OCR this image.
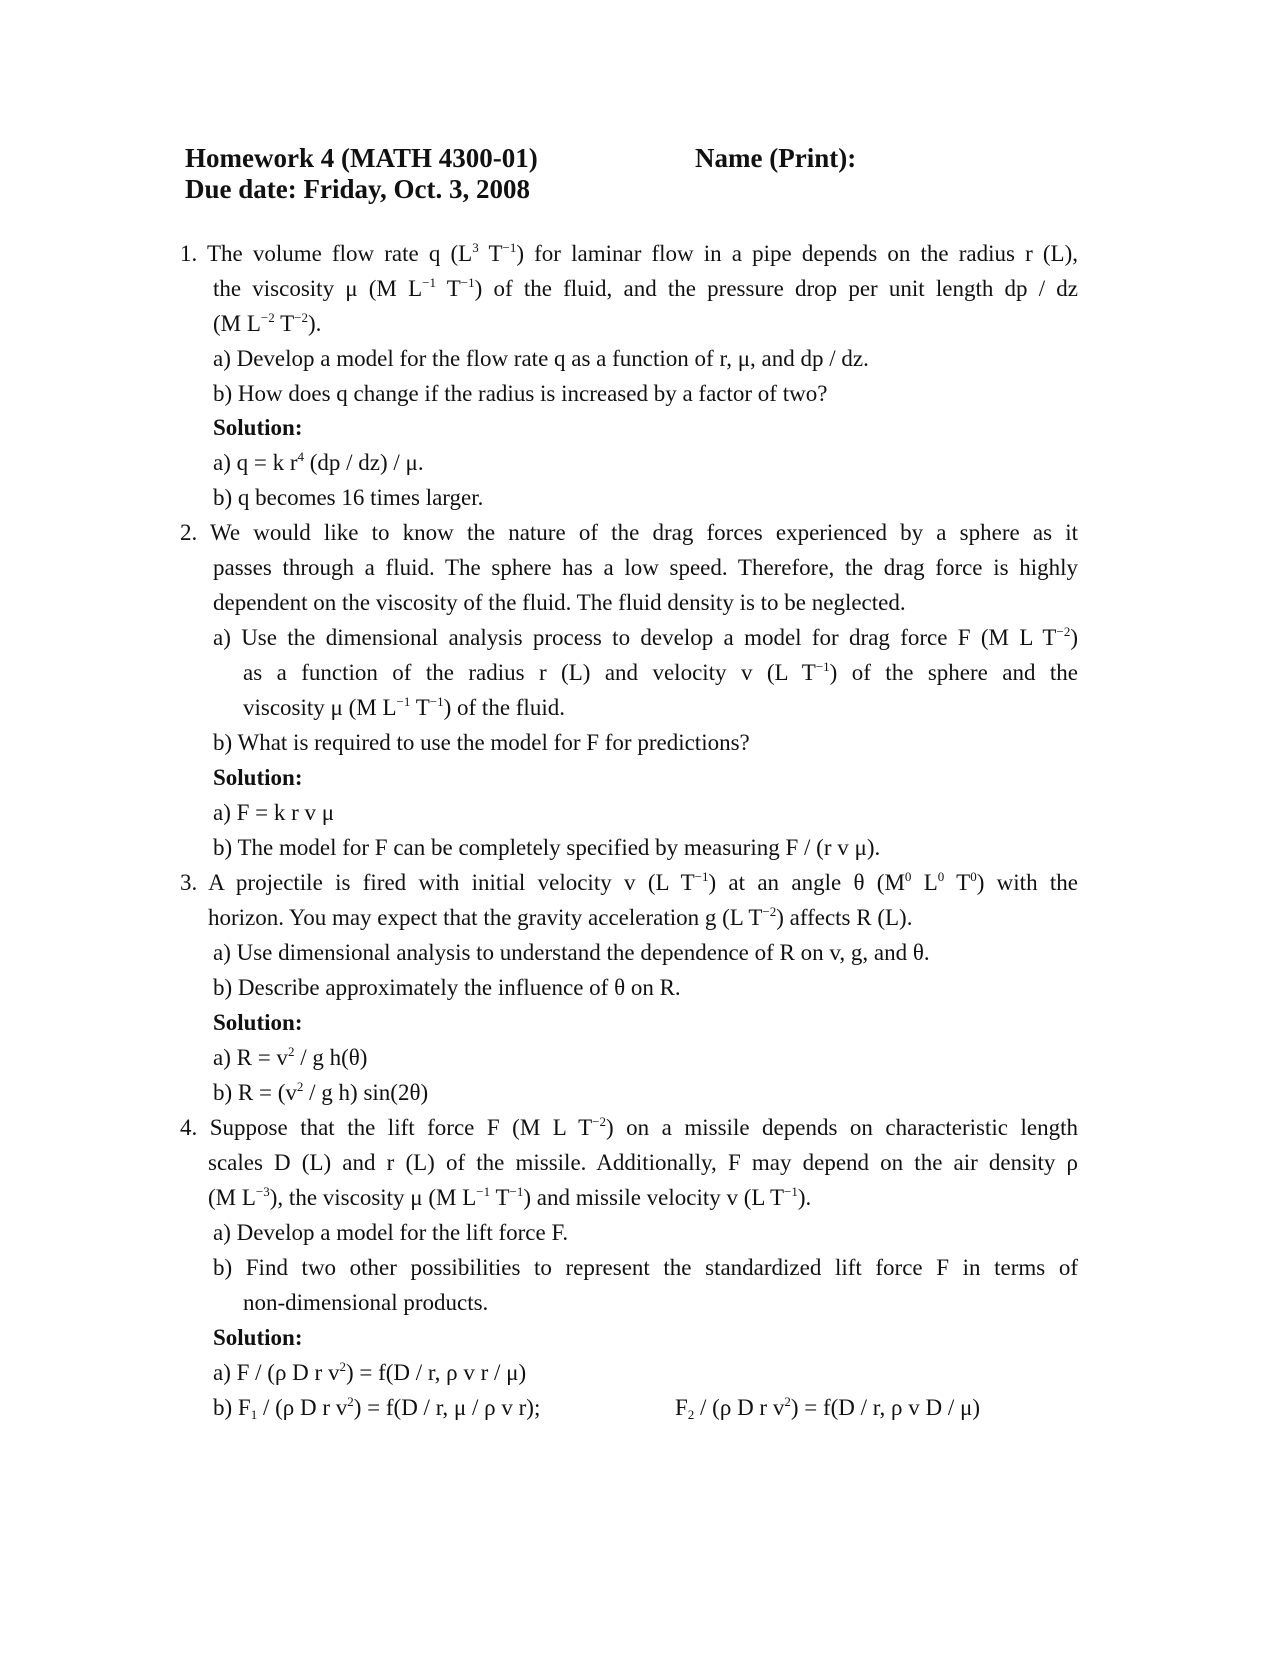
Homework 4 (MATH 4300-01)
Due date: Friday, Oct. 3, 2008
Name (Print):
1. The volume flow rate q ($L^3$ $T^{-1}$) for laminar flow in a pipe depends on the radius r (L),
the viscosity μ (M $L^{-1}$ $T^{-1}$) of the fluid, and the pressure drop per unit length dp / dz
(M $L^{-2}$ $T^{-2}$).
a) Develop a model for the flow rate q as a function of r, μ, and dp / dz.
b) How does q change if the radius is increased by a factor of two?
Solution:
a) q = k $r^4$ (dp / dz) / μ.
b) q becomes 16 times larger.
2. We would like to know the nature of the drag forces experienced by a sphere as it
passes through a fluid. The sphere has a low speed. Therefore, the drag force is highly
dependent on the viscosity of the fluid. The fluid density is to be neglected.
a) Use the dimensional analysis process to develop a model for drag force F (M L $T^{-2}$)
as a function of the radius r (L) and velocity v (L $T^{-1}$) of the sphere and the
viscosity μ (M $L^{-1}$ $T^{-1}$) of the fluid.
b) What is required to use the model for F for predictions?
Solution:
a) F = k r v μ
b) The model for F can be completely specified by measuring F / (r v μ).
3. A projectile is fired with initial velocity v (L $T^{-1}$) at an angle θ ($M^0$ $L^0$ $T^0$) with the
horizon. You may expect that the gravity acceleration g (L $T^{-2}$) affects R (L).
a) Use dimensional analysis to understand the dependence of R on v, g, and θ.
b) Describe approximately the influence of θ on R.
Solution:
a) $R = v^2 / g$ h(θ)
b) $R = (v^2 / g$ h) sin(2θ)
4. Suppose that the lift force F (M L $T^{-2}$) on a missile depends on characteristic length
scales D (L) and r (L) of the missile. Additionally, F may depend on the air density ρ
(M $L^{-3}$), the viscosity μ (M $L^{-1}$ $T^{-1}$) and missile velocity v (L $T^{-1}$).
a) Develop a model for the lift force F.
b) Find two other possibilities to represent the standardized lift force F in terms of
non-dimensional products.
Solution:
a) F / (ρ D r $v^2) = f(D / r$, ρ v r / μ)
b) $F_1 / (\rho$ D r $v^2) = f(D / r$, μ / ρ v r);	$F_2 / (\rho$ D r $v^2) = f(D / r$, ρ v D / μ)
